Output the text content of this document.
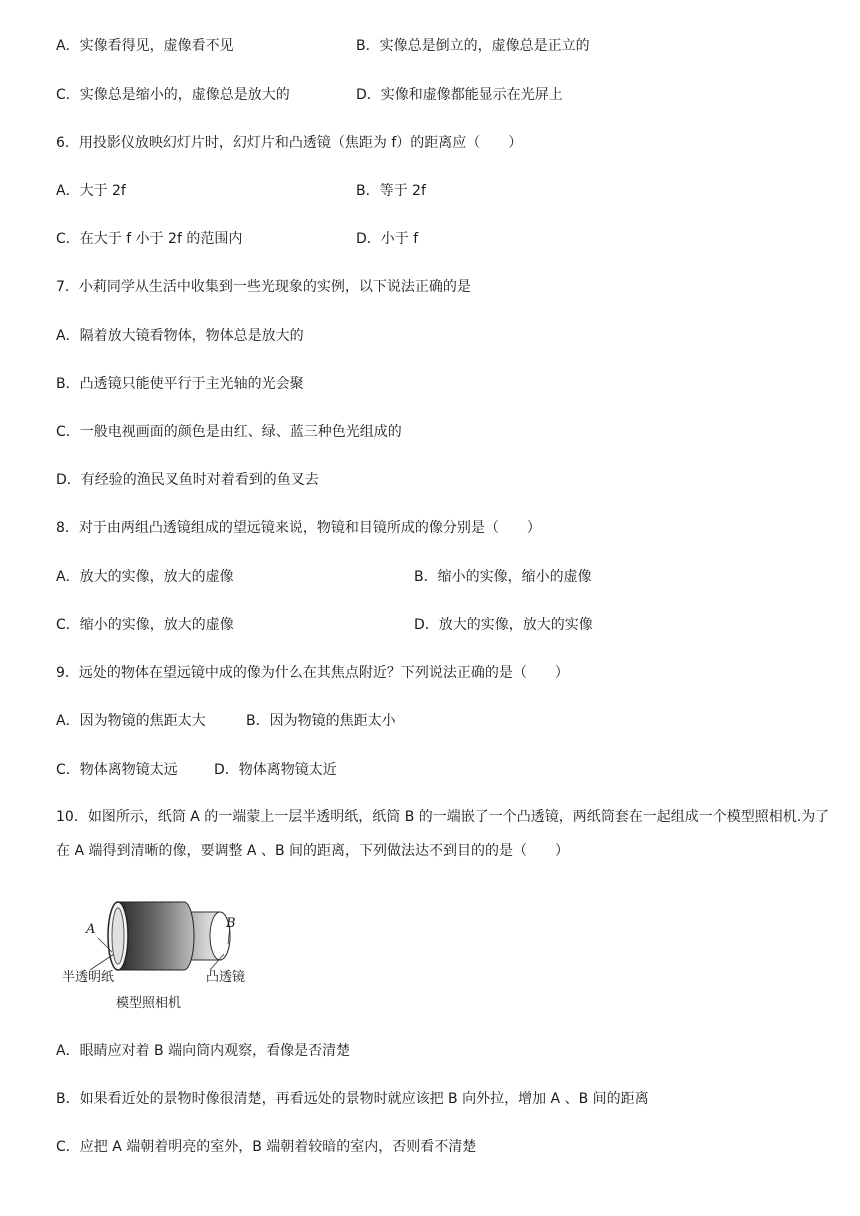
A．实像看得见，虚像看不见	B．实像总是倒立的，虚像总是正立的
C．实像总是缩小的，虚像总是放大的	D．实像和虚像都能显示在光屏上
6．用投影仪放映幻灯片时，幻灯片和凸透镜（焦距为 f）的距离应（　　）
A．大于 2f	B．等于 2f
C．在大于 f 小于 2f 的范围内	D．小于 f
7．小莉同学从生活中收集到一些光现象的实例，以下说法正确的是
A．隔着放大镜看物体，物体总是放大的
B．凸透镜只能使平行于主光轴的光会聚
C．一般电视画面的颜色是由红、绿、蓝三种色光组成的
D．有经验的渔民叉鱼时对着看到的鱼叉去
8．对于由两组凸透镜组成的望远镜来说，物镜和目镜所成的像分别是（　　）
A．放大的实像，放大的虚像	B．缩小的实像，缩小的虚像
C．缩小的实像，放大的虚像	D．放大的实像，放大的实像
9．远处的物体在望远镜中成的像为什么在其焦点附近？下列说法正确的是（　　）
A．因为物镜的焦距太大	B．因为物镜的焦距太小
C．物体离物镜太远	D．物体离物镜太近
10．如图所示，纸筒 A 的一端蒙上一层半透明纸，纸筒 B 的一端嵌了一个凸透镜，两纸筒套在一起组成一个模型照相机.为了在 A 端得到清晰的像，要调整 A 、B 间的距离，下列做法达不到目的的是（　　）
A	B
半透明纸	凸透镜
模型照相机
A．眼睛应对着 B 端向筒内观察，看像是否清楚
B．如果看近处的景物时像很清楚，再看远处的景物时就应该把 B 向外拉，增加 A 、B 间的距离
C．应把 A 端朝着明亮的室外，B 端朝着较暗的室内，否则看不清楚
